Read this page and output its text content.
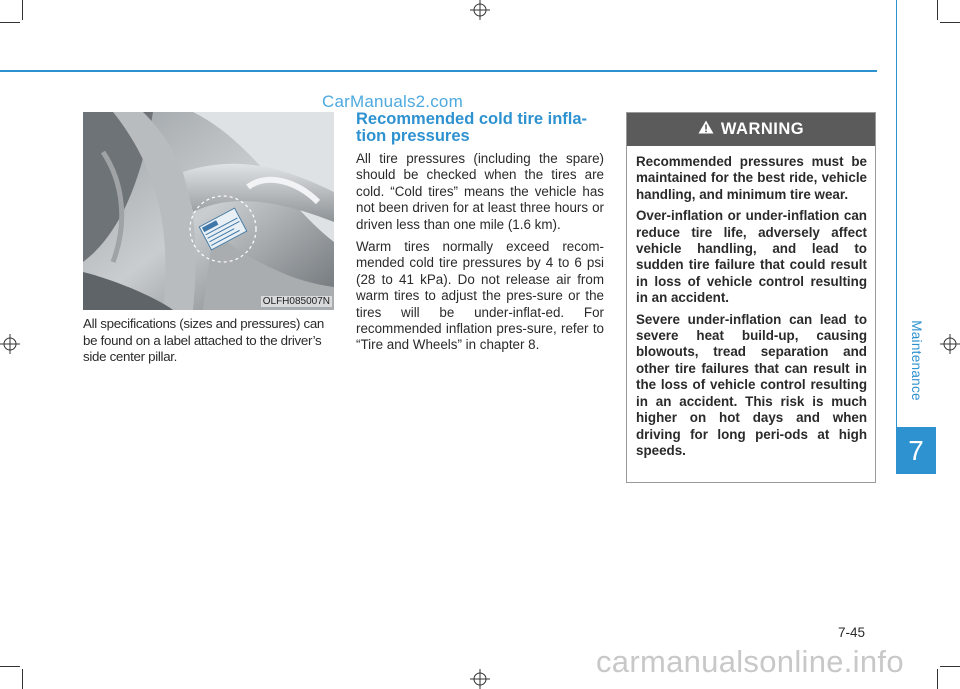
CarManuals2.com
OLFH085007N
All specifications (sizes and pressures) can be found on a label attached to the driver’s side center pillar.
Recommended cold tire infla-tion pressures

All tire pressures (including the spare) should be checked when the tires are cold. “Cold tires” means the vehicle has not been driven for at least three hours or driven less than one mile (1.6 km).

Warm tires normally exceed recom-mended cold tire pressures by 4 to 6 psi (28 to 41 kPa). Do not release air from warm tires to adjust the pres-sure or the tires will be under-inflat-ed. For recommended inflation pres-sure, refer to “Tire and Wheels” in chapter 8.

WARNING

Recommended pressures must be maintained for the best ride, vehicle handling, and minimum tire wear.

Over-inflation or under-inflation can reduce tire life, adversely affect vehicle handling, and lead to sudden tire failure that could result in loss of vehicle control resulting in an accident.

Severe under-inflation can lead to severe heat build-up, causing blowouts, tread separation and other tire failures that can result in the loss of vehicle control resulting in an accident. This risk is much higher on hot days and when driving for long peri-ods at high speeds.

Maintenance
7
7-45
carmanualsonline.info
